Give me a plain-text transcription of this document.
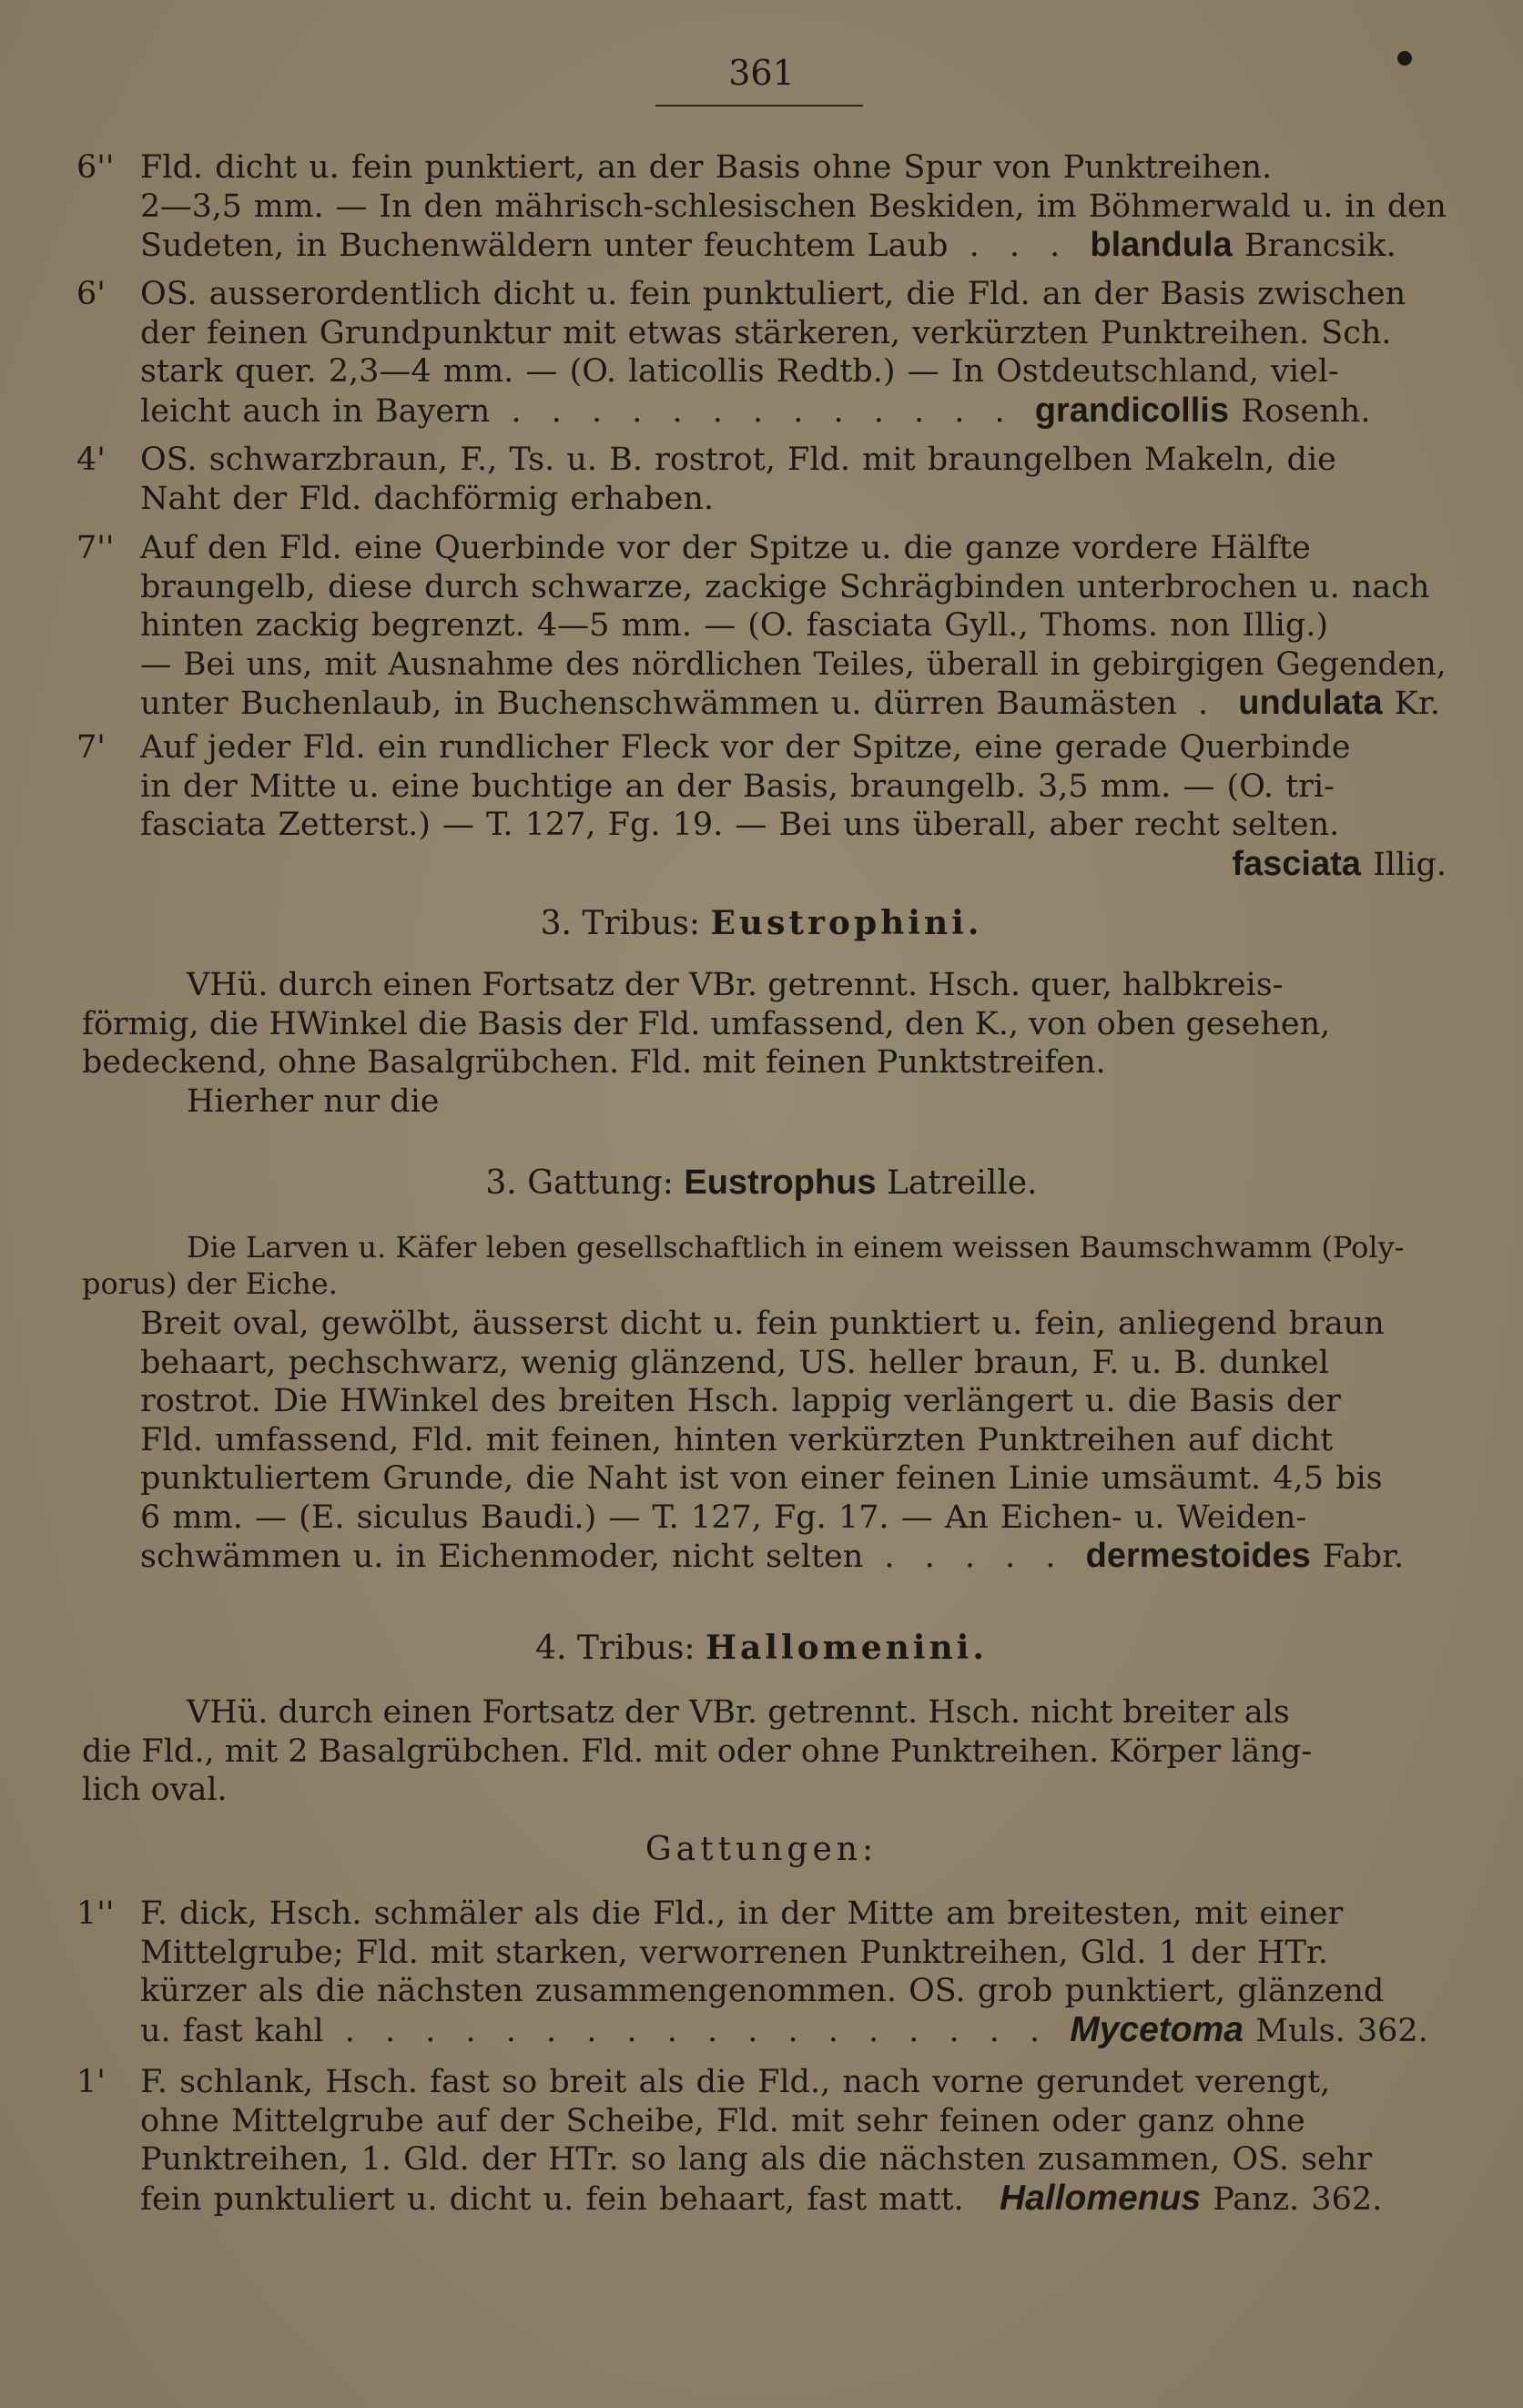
361
6'' Fld. dicht u. fein punktiert, an der Basis ohne Spur von Punktreihen.
2—3,5 mm. — In den mährisch-schlesischen Beskiden, im Böhmerwald u. in den
Sudeten, in Buchenwäldern unter feuchtem Laub . . . blandula Brancsik.
6' OS. ausserordentlich dicht u. fein punktuliert, die Fld. an der Basis zwischen
der feinen Grundpunktur mit etwas stärkeren, verkürzten Punktreihen. Sch.
stark quer. 2,3—4 mm. — (O. laticollis Redtb.) — In Ostdeutschland, viel-
leicht auch in Bayern . . . . . . . . . . . . . grandicollis Rosenh.
4' OS. schwarzbraun, F., Ts. u. B. rostrot, Fld. mit braungelben Makeln, die
Naht der Fld. dachförmig erhaben.
7'' Auf den Fld. eine Querbinde vor der Spitze u. die ganze vordere Hälfte
braungelb, diese durch schwarze, zackige Schrägbinden unterbrochen u. nach
hinten zackig begrenzt. 4—5 mm. — (O. fasciata Gyll., Thoms. non Illig.)
— Bei uns, mit Ausnahme des nördlichen Teiles, überall in gebirgigen Gegenden,
unter Buchenlaub, in Buchenschwämmen u. dürren Baumästen . undulata Kr.
7' Auf jeder Fld. ein rundlicher Fleck vor der Spitze, eine gerade Querbinde
in der Mitte u. eine buchtige an der Basis, braungelb. 3,5 mm. — (O. tri-
fasciata Zetterst.) — T. 127, Fg. 19. — Bei uns überall, aber recht selten.
fasciata Illig.
3. Tribus: Eustrophini.
VHü. durch einen Fortsatz der VBr. getrennt. Hsch. quer, halbkreis-
förmig, die HWinkel die Basis der Fld. umfassend, den K., von oben gesehen,
bedeckend, ohne Basalgrübchen. Fld. mit feinen Punktstreifen.
Hierher nur die
3. Gattung: Eustrophus Latreille.
Die Larven u. Käfer leben gesellschaftlich in einem weissen Baumschwamm (Poly-
porus) der Eiche.
Breit oval, gewölbt, äusserst dicht u. fein punktiert u. fein, anliegend braun
behaart, pechschwarz, wenig glänzend, US. heller braun, F. u. B. dunkel
rostrot. Die HWinkel des breiten Hsch. lappig verlängert u. die Basis der
Fld. umfassend, Fld. mit feinen, hinten verkürzten Punktreihen auf dicht
punktuliertem Grunde, die Naht ist von einer feinen Linie umsäumt. 4,5 bis
6 mm. — (E. siculus Baudi.) — T. 127, Fg. 17. — An Eichen- u. Weiden-
schwämmen u. in Eichenmoder, nicht selten . . . . . dermestoides Fabr.
4. Tribus: Hallomenini.
VHü. durch einen Fortsatz der VBr. getrennt. Hsch. nicht breiter als
die Fld., mit 2 Basalgrübchen. Fld. mit oder ohne Punktreihen. Körper läng-
lich oval.
Gattungen:
1'' F. dick, Hsch. schmäler als die Fld., in der Mitte am breitesten, mit einer
Mittelgrube; Fld. mit starken, verworrenen Punktreihen, Gld. 1 der HTr.
kürzer als die nächsten zusammengenommen. OS. grob punktiert, glänzend
u. fast kahl . . . . . . . . . . . . . . . . . . Mycetoma Muls. 362.
1' F. schlank, Hsch. fast so breit als die Fld., nach vorne gerundet verengt,
ohne Mittelgrube auf der Scheibe, Fld. mit sehr feinen oder ganz ohne
Punktreihen, 1. Gld. der HTr. so lang als die nächsten zusammen, OS. sehr
fein punktuliert u. dicht u. fein behaart, fast matt. Hallomenus Panz. 362.
